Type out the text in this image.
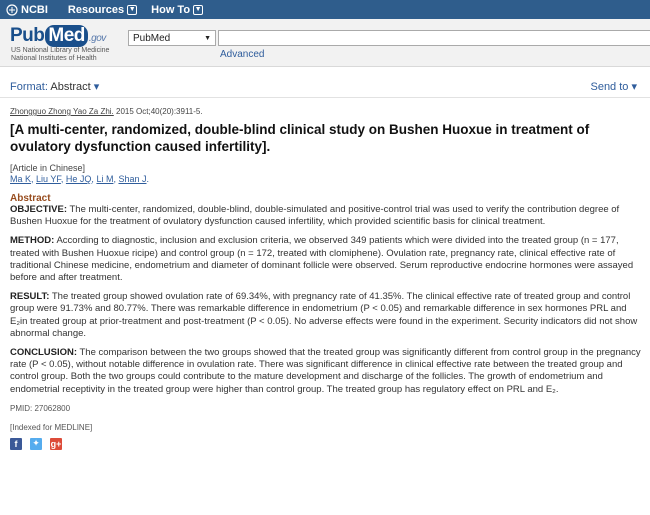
NCBI Resources ▼ How To ▼
Pub Med .gov
US National Library of Medicine
National Institutes of Health
PubMed	▼
Advanced
Format: Abstract ▾	Send to ▾
Zhongguo Zhong Yao Za Zhi. 2015 Oct;40(20):3911-5.
[A multi-center, randomized, double-blind clinical study on Bushen Huoxue in treatment of ovulatory dysfunction caused infertility].
[Article in Chinese]
Ma K, Liu YF, He JQ, Li M, Shan J.
Abstract

OBJECTIVE: The multi-center, randomized, double-blind, double-simulated and positive-control trial was used to verify the contribution degree of Bushen Huoxue for the treatment of ovulatory dysfunction caused infertility, which provided scientific basis for clinical treatment.

METHOD: According to diagnostic, inclusion and exclusion criteria, we observed 349 patients which were divided into the treated group (n = 177, treated with Bushen Huoxue ricipe) and control group (n = 172, treated with clomiphene). Ovulation rate, pregnancy rate, clinical effective rate of traditional Chinese medicine, endometrium and diameter of dominant follicle were observed. Serum reproductive endocrine hormones were assayed before and after treatment.

RESULT: The treated group showed ovulation rate of 69.34%, with pregnancy rate of 41.35%. The clinical effective rate of treated group and control group were 91.73% and 80.77%. There was remarkable difference in endometrium (P < 0.05) and remarkable difference in sex hormones PRL and E₂in treated group at prior-treatment and post-treatment (P < 0.05). No adverse effects were found in the experiment. Security indicators did not show abnormal change.

CONCLUSION: The comparison between the two groups showed that the treated group was significantly different from control group in the pregnancy rate (P < 0.05), without notable difference in ovulation rate. There was significant difference in clinical effective rate between the treated group and control group. Both the two groups could contribute to the mature development and discharge of the follicles. The growth of endometrium and endometrial receptivity in the treated group were higher than control group. The treated group has regulatory effect on PRL and E₂.

PMID: 27062800
[Indexed for MEDLINE]
f ✦ g+
